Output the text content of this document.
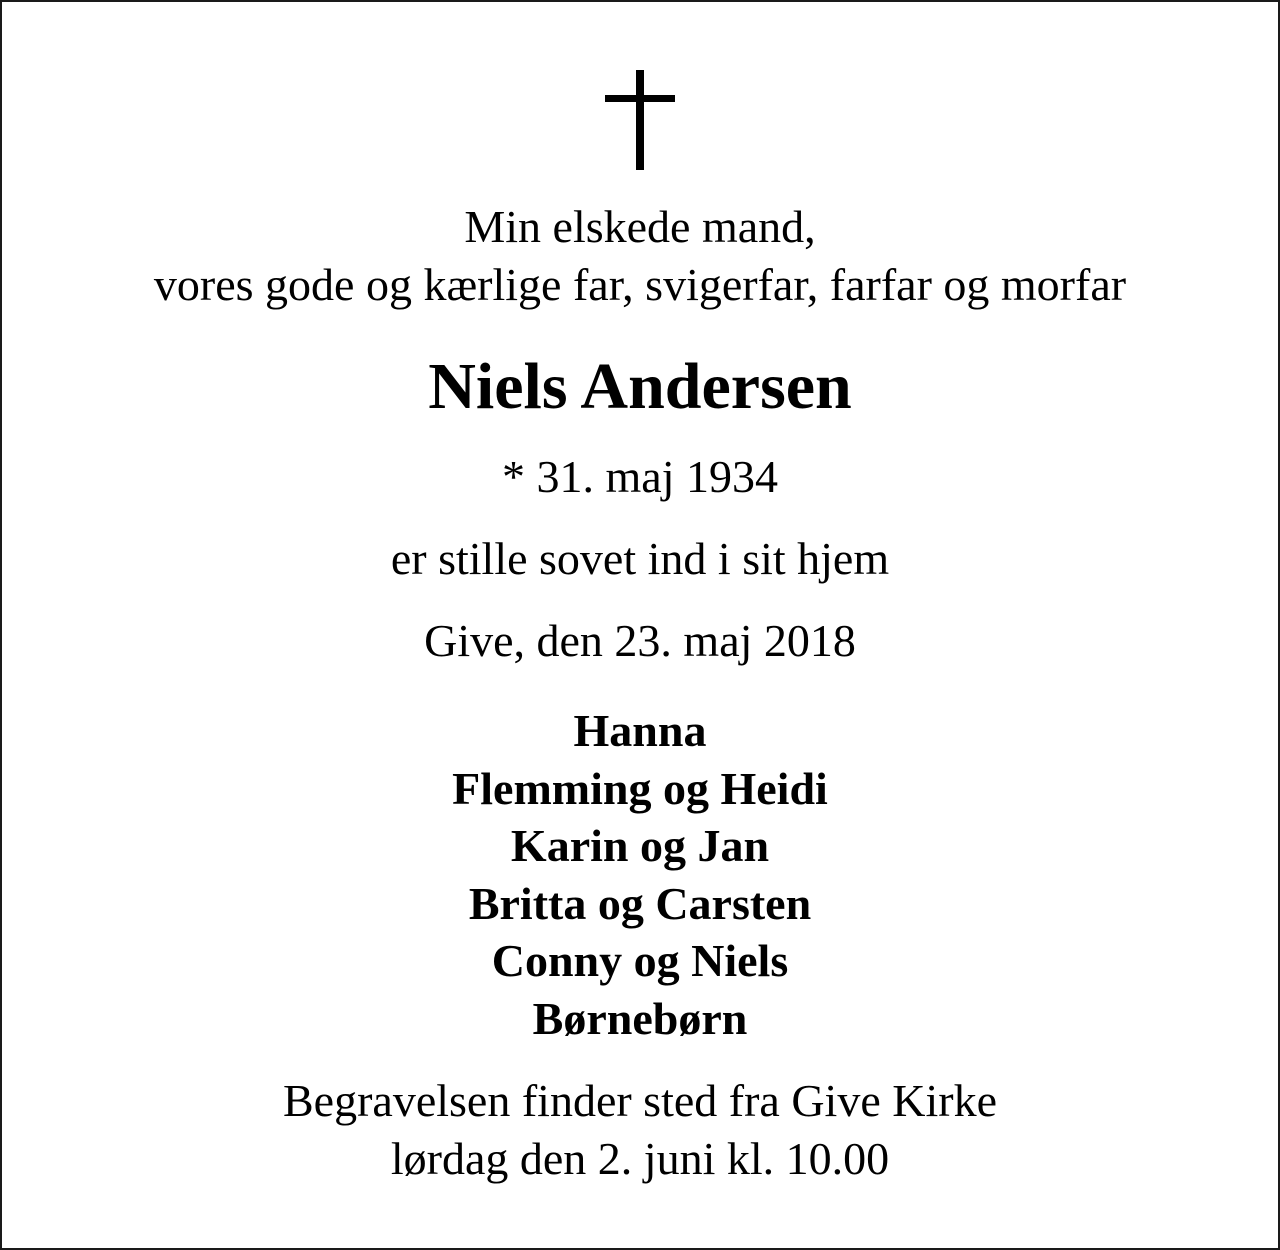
Min elskede mand,
vores gode og kærlige far, svigerfar, farfar og morfar
Niels Andersen
* 31. maj 1934
er stille sovet ind i sit hjem
Give, den 23. maj 2018
Hanna
Flemming og Heidi
Karin og Jan
Britta og Carsten
Conny og Niels
Børnebørn
Begravelsen finder sted fra Give Kirke
lørdag den 2. juni kl. 10.00
